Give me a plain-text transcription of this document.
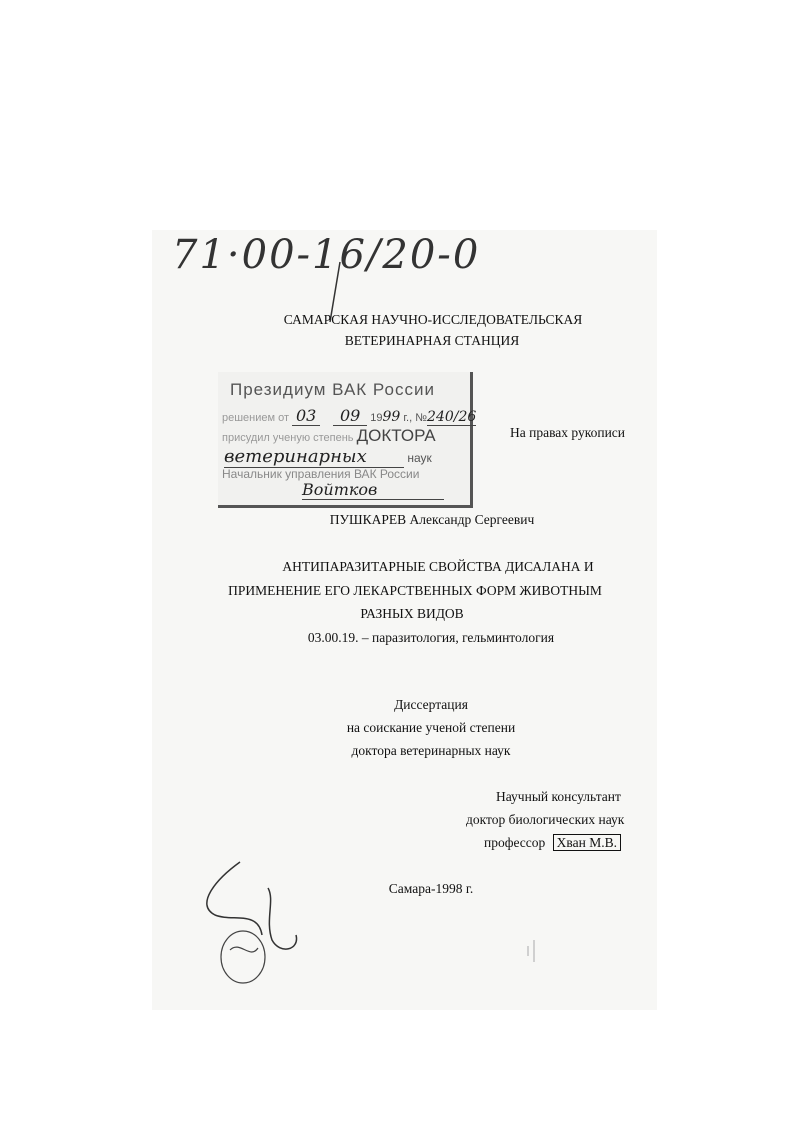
71·00-16/20-0
САМАРСКАЯ НАУЧНО-ИССЛЕДОВАТЕЛЬСКАЯ
ВЕТЕРИНАРНАЯ СТАНЦИЯ
Президиум ВАК России
решением от 03 09 1999 г., №240/26
присудил ученую степень ДОКТОРА
ветеринарных	наук
Начальник управления ВАК России
Войтков
На правах рукописи
ПУШКАРЕВ Александр Сергеевич
АНТИПАРАЗИТАРНЫЕ СВОЙСТВА ДИСАЛАНА И
ПРИМЕНЕНИЕ ЕГО ЛЕКАРСТВЕННЫХ ФОРМ ЖИВОТНЫМ
РАЗНЫХ ВИДОВ
03.00.19. – паразитология, гельминтология
Диссертация
на соискание ученой степени
доктора ветеринарных наук
Научный консультант
доктор биологических наук
профессор Хван М.В.
Самара-1998 г.
